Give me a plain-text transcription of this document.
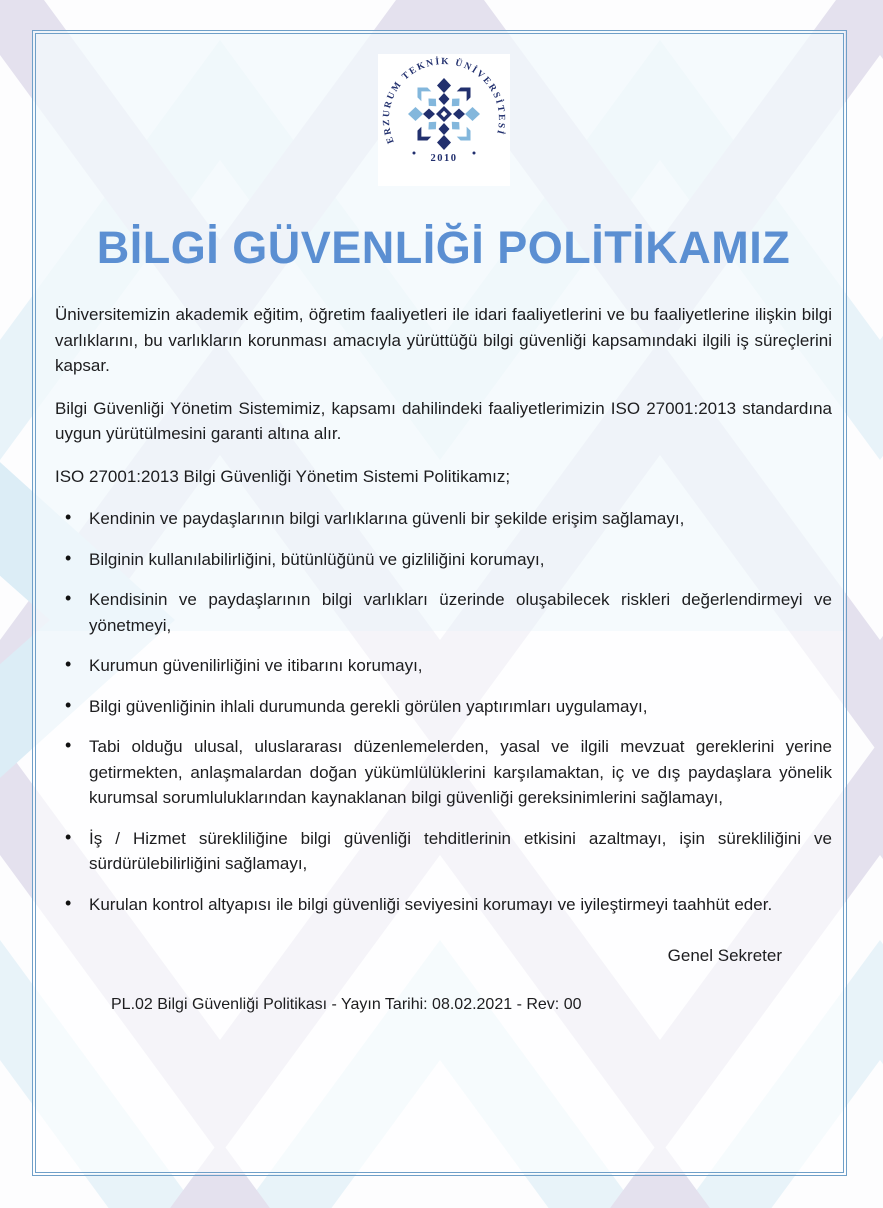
ERZURUM TEKNİK ÜNİVERSİTESİ
2010
BİLGİ GÜVENLİĞİ POLİTİKAMIZ

Üniversitemizin akademik eğitim, öğretim faaliyetleri ile idari faaliyetlerini ve bu faaliyetlerine ilişkin bilgi varlıklarını, bu varlıkların korunması amacıyla yürüttüğü bilgi güvenliği kapsamındaki ilgili iş süreçlerini kapsar.

Bilgi Güvenliği Yönetim Sistemimiz, kapsamı dahilindeki faaliyetlerimizin ISO 27001:2013 standardına uygun yürütülmesini garanti altına alır.

ISO 27001:2013 Bilgi Güvenliği Yönetim Sistemi Politikamız;

• Kendinin ve paydaşlarının bilgi varlıklarına güvenli bir şekilde erişim sağlamayı,
• Bilginin kullanılabilirliğini, bütünlüğünü ve gizliliğini korumayı,
• Kendisinin ve paydaşlarının bilgi varlıkları üzerinde oluşabilecek riskleri değerlendirmeyi ve yönetmeyi,
• Kurumun güvenilirliğini ve itibarını korumayı,
• Bilgi güvenliğinin ihlali durumunda gerekli görülen yaptırımları uygulamayı,
• Tabi olduğu ulusal, uluslararası düzenlemelerden, yasal ve ilgili mevzuat gereklerini yerine getirmekten, anlaşmalardan doğan yükümlülüklerini karşılamaktan, iç ve dış paydaşlara yönelik kurumsal sorumluluklarından kaynaklanan bilgi güvenliği gereksinimlerini sağlamayı,
• İş / Hizmet sürekliliğine bilgi güvenliği tehditlerinin etkisini azaltmayı, işin sürekliliğini ve sürdürülebilirliğini sağlamayı,
• Kurulan kontrol altyapısı ile bilgi güvenliği seviyesini korumayı ve iyileştirmeyi taahhüt eder.
Genel Sekreter
PL.02 Bilgi Güvenliği Politikası - Yayın Tarihi: 08.02.2021 - Rev: 00
